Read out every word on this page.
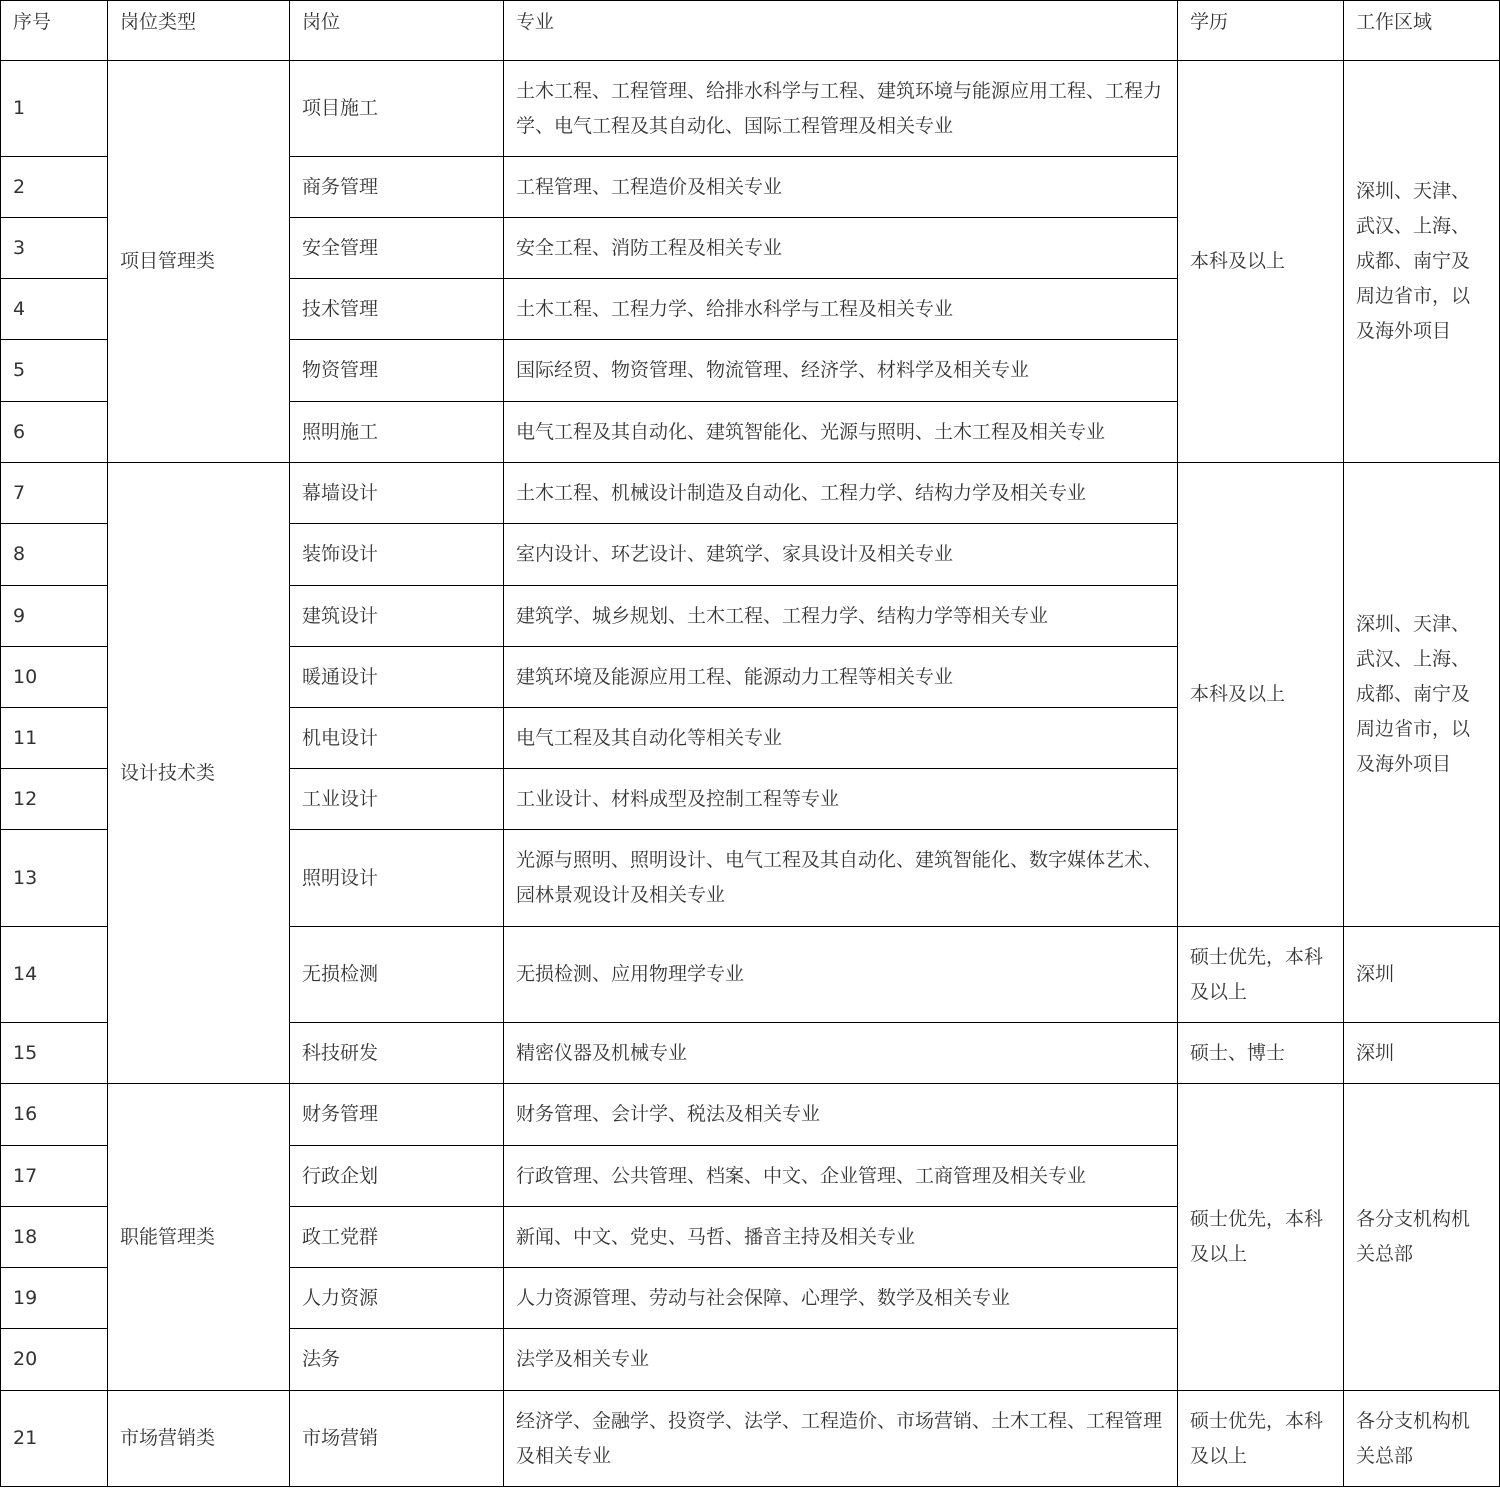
序号	岗位类型	岗位	专业	学历	工作区域
1	项目管理类	项目施工	土木工程、工程管理、给排水科学与工程、建筑环境与能源应用工程、工程力学、电气工程及其自动化、国际工程管理及相关专业	本科及以上	深圳、天津、武汉、上海、成都、南宁及周边省市，以及海外项目
2		商务管理	工程管理、工程造价及相关专业		
3		安全管理	安全工程、消防工程及相关专业		
4		技术管理	土木工程、工程力学、给排水科学与工程及相关专业		
5		物资管理	国际经贸、物资管理、物流管理、经济学、材料学及相关专业		
6		照明施工	电气工程及其自动化、建筑智能化、光源与照明、土木工程及相关专业		
7	设计技术类	幕墙设计	土木工程、机械设计制造及自动化、工程力学、结构力学及相关专业	本科及以上	深圳、天津、武汉、上海、成都、南宁及周边省市，以及海外项目
8		装饰设计	室内设计、环艺设计、建筑学、家具设计及相关专业		
9		建筑设计	建筑学、城乡规划、土木工程、工程力学、结构力学等相关专业		
10		暖通设计	建筑环境及能源应用工程、能源动力工程等相关专业		
11		机电设计	电气工程及其自动化等相关专业		
12		工业设计	工业设计、材料成型及控制工程等专业		
13		照明设计	光源与照明、照明设计、电气工程及其自动化、建筑智能化、数字媒体艺术、园林景观设计及相关专业		
14		无损检测	无损检测、应用物理学专业	硕士优先，本科及以上	深圳
15		科技研发	精密仪器及机械专业	硕士、博士	深圳
16	职能管理类	财务管理	财务管理、会计学、税法及相关专业	硕士优先，本科及以上	各分支机构机关总部
17		行政企划	行政管理、公共管理、档案、中文、企业管理、工商管理及相关专业		
18		政工党群	新闻、中文、党史、马哲、播音主持及相关专业		
19		人力资源	人力资源管理、劳动与社会保障、心理学、数学及相关专业		
20		法务	法学及相关专业		
21	市场营销类	市场营销	经济学、金融学、投资学、法学、工程造价、市场营销、土木工程、工程管理及相关专业	硕士优先，本科及以上	各分支机构机关总部
